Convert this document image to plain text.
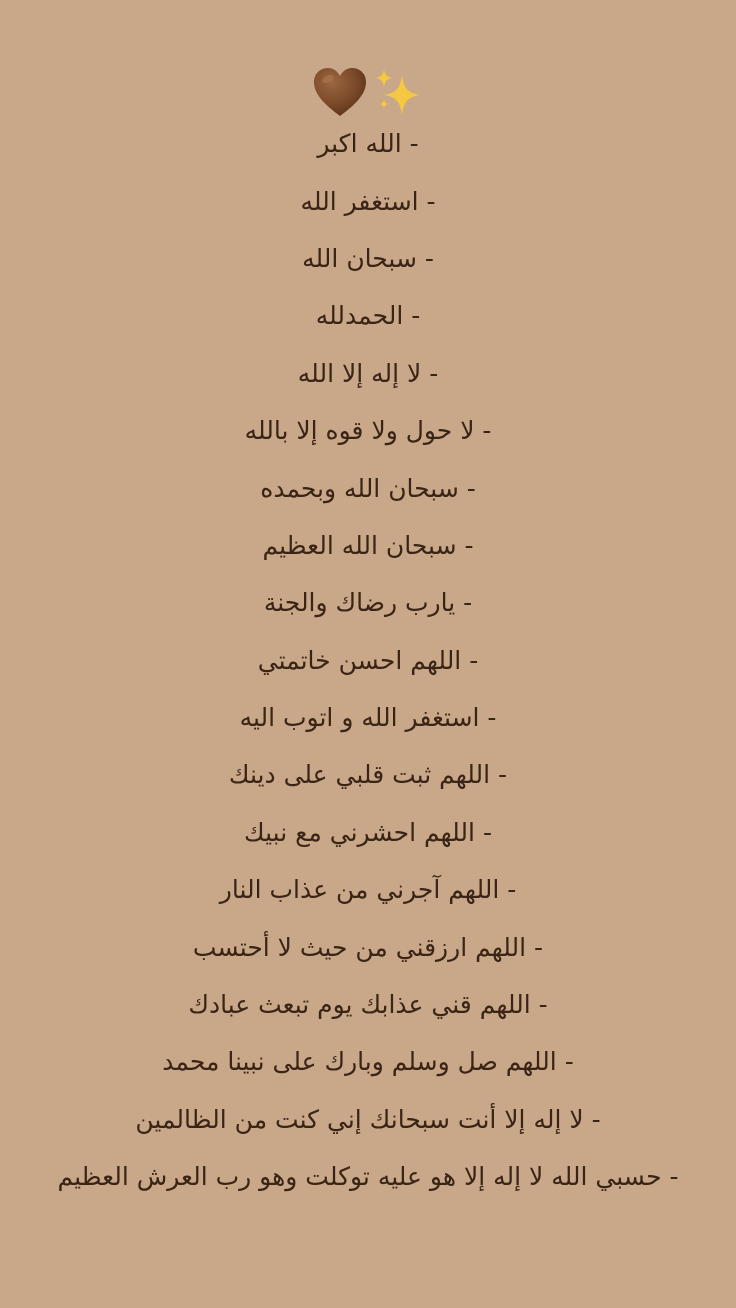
- الله اكبر
- استغفر الله
- سبحان الله
- الحمدلله
- لا إله إلا الله
- لا حول ولا قوه إلا بالله
- سبحان الله وبحمده
- سبحان الله العظيم
- يارب رضاك والجنة
- اللهم احسن خاتمتي
- استغفر الله و اتوب اليه
- اللهم ثبت قلبي على دينك
- اللهم احشرني مع نبيك
- اللهم آجرني من عذاب النار
- اللهم ارزقني من حيث لا أحتسب
- اللهم قني عذابك يوم تبعث عبادك
- اللهم صل وسلم وبارك على نبينا محمد
- لا إله إلا أنت سبحانك إني كنت من الظالمين
- حسبي الله لا إله إلا هو عليه توكلت وهو رب العرش العظيم
